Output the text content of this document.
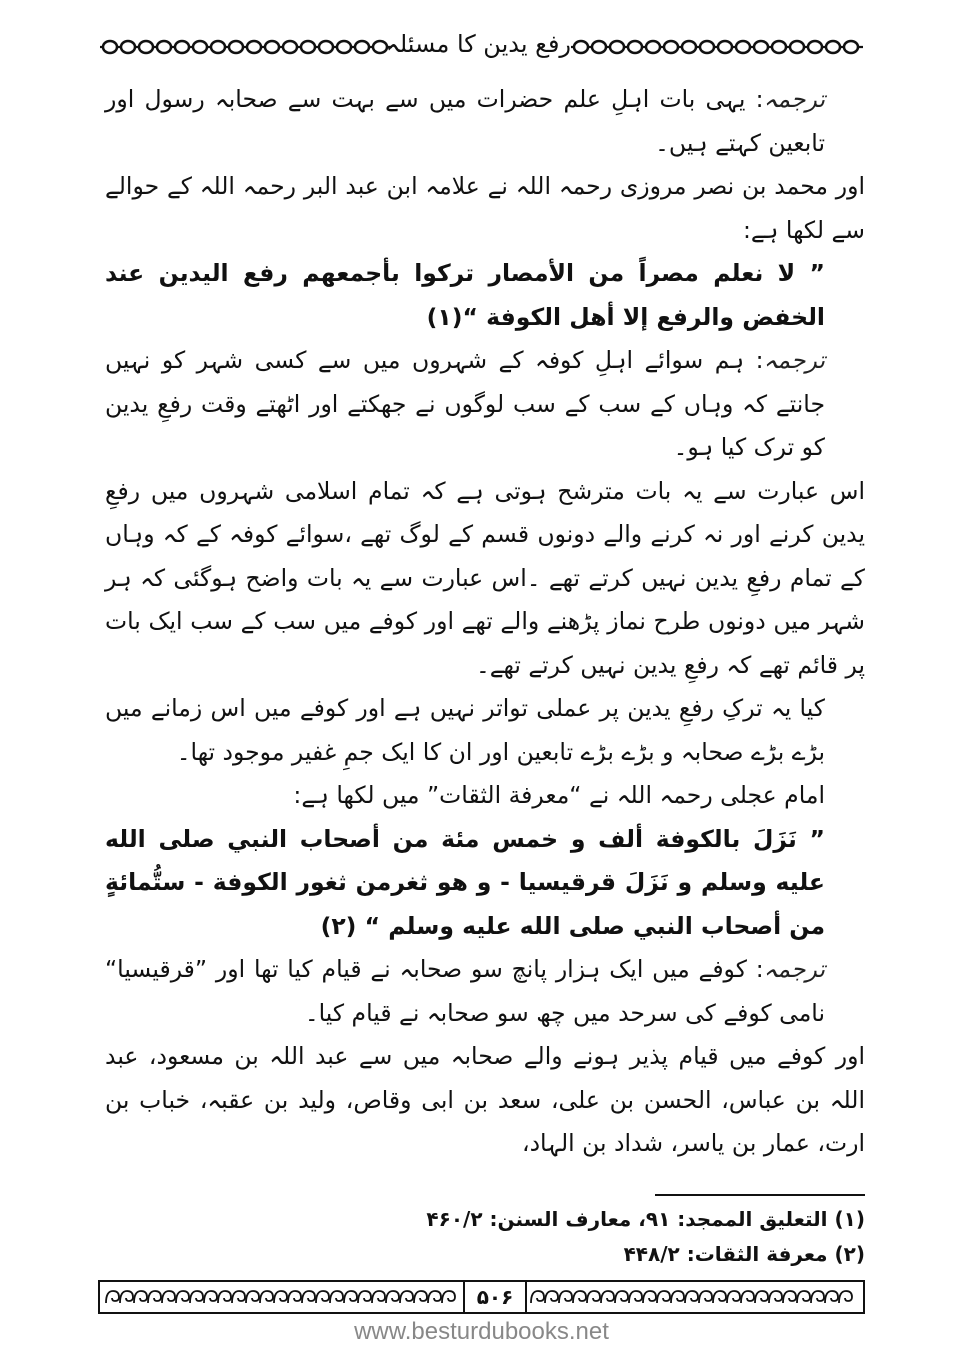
رفع یدین کا مسئلہ

ترجمہ: یہی بات اہلِ علم حضرات میں سے بہت سے صحابہ رسول اور تابعین کہتے ہیں۔

اور محمد بن نصر مروزی رحمہ اللہ نے علامہ ابن عبد البر رحمہ اللہ کے حوالے سے لکھا ہے:

” لا نعلم مصراً من الأمصار تركوا بأجمعهم رفع اليدين عند الخفض والرفع إلا أهل الكوفة “(۱)

ترجمہ: ہم سوائے اہلِ کوفہ کے شہروں میں سے کسی شہر کو نہیں جانتے کہ وہاں کے سب کے سب لوگوں نے جھکتے اور اٹھتے وقت رفعِ یدین کو ترک کیا ہو۔

اس عبارت سے یہ بات مترشح ہوتی ہے کہ تمام اسلامی شہروں میں رفعِ یدین کرنے اور نہ کرنے والے دونوں قسم کے لوگ تھے ،سوائے کوفہ کے کہ وہاں کے تمام رفعِ یدین نہیں کرتے تھے ۔اس عبارت سے یہ بات واضح ہوگئی کہ ہر شہر میں دونوں طرح نماز پڑھنے والے تھے اور کوفے میں سب کے سب ایک بات پر قائم تھے کہ رفعِ یدین نہیں کرتے تھے۔

کیا یہ ترکِ رفعِ یدین پر عملی تواتر نہیں ہے اور کوفے میں اس زمانے میں بڑے بڑے صحابہ و بڑے بڑے تابعین اور ان کا ایک جمِ غفیر موجود تھا۔

امام عجلی رحمہ اللہ نے “معرفة الثقات” میں لکھا ہے:

” نَزَلَ بالكوفة ألف و خمس مئة من أصحاب النبي صلى الله عليه وسلم و نَزَلَ قرقيسيا - و هو ثغرمن ثغور الكوفة - ستُّمائةٍ من أصحاب النبي صلى الله عليه وسلم “ (۲)

ترجمہ: کوفے میں ایک ہزار پانچ سو صحابہ نے قیام کیا تھا اور ”قرقیسیا“ نامی کوفے کی سرحد میں چھ سو صحابہ نے قیام کیا۔

اور کوفے میں قیام پذیر ہونے والے صحابہ میں سے عبد اللہ بن مسعود، عبد اللہ بن عباس، الحسن بن علی، سعد بن ابی وقاص، ولید بن عقبہ، خباب بن ارت، عمار بن یاسر، شداد بن الہاد،

(۱) التعليق الممجد: ۹۱، معارف السنن: ۴۶۰/۲
(۲) معرفة الثقات: ۴۴۸/۲
۵۰۶
www.besturdubooks.net
